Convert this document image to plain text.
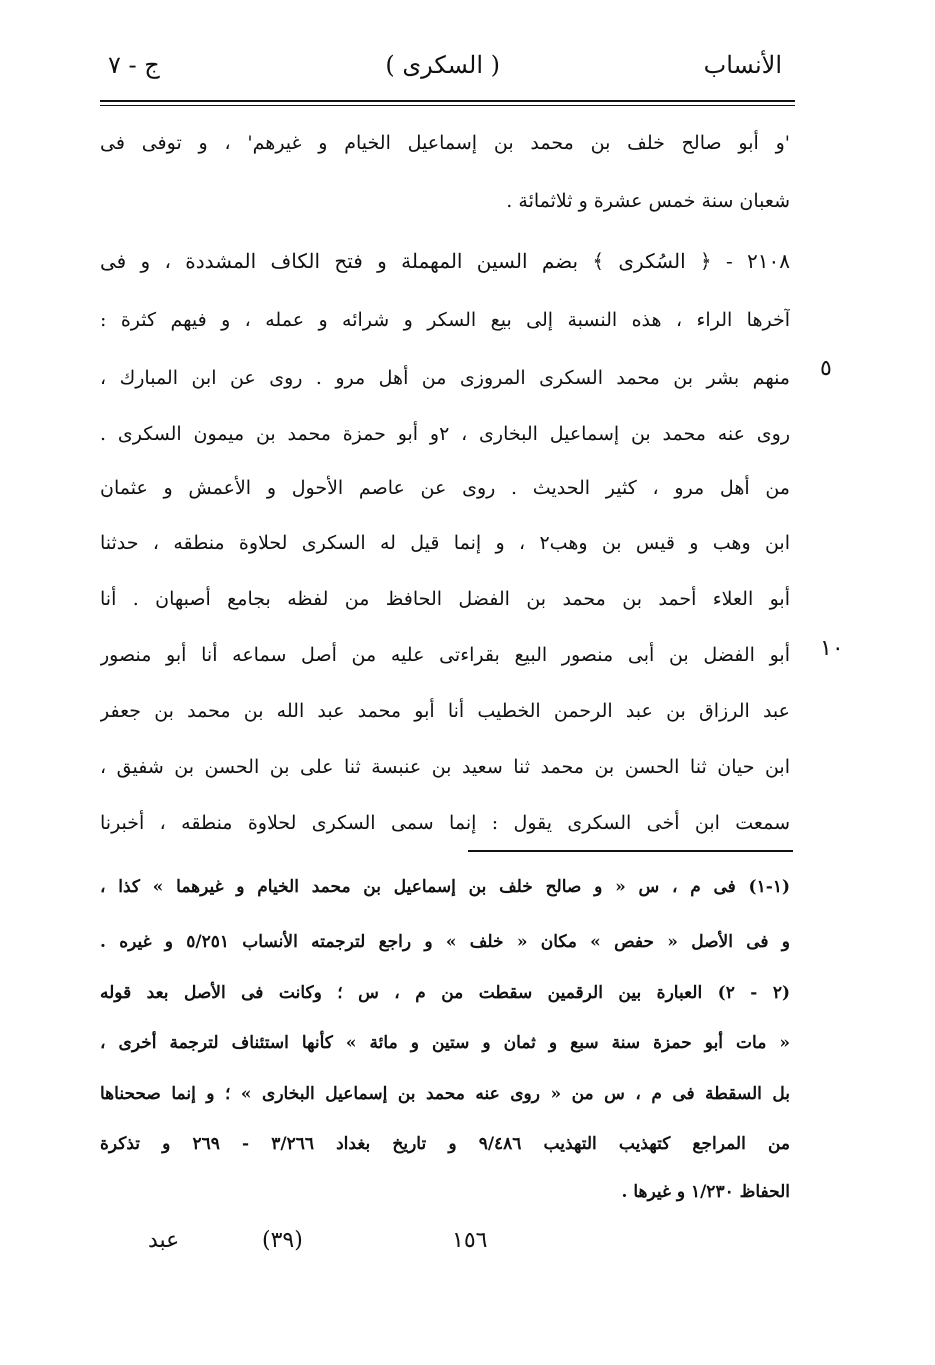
الأنساب
( السكرى )
ج - ٧
'و أبو صالح خلف بن محمد بن إسماعيل الخيام و غيرهم' ، و توفى فى
شعبان سنة خمس عشرة و ثلاثمائة .
٢١٠٨ - ﴿ السُكرى ﴾ بضم السين المهملة و فتح الكاف المشددة ، و فى
آخرها الراء ، هذه النسبة إلى بيع السكر و شرائه و عمله ، و فيهم كثرة :
منهم بشر بن محمد السكرى المروزى من أهل مرو . روى عن ابن المبارك ،
روى عنه محمد بن إسماعيل البخارى ، ٢و أبو حمزة محمد بن ميمون السكرى .
من أهل مرو ، كثير الحديث . روى عن عاصم الأحول و الأعمش و عثمان
ابن وهب و قيس بن وهب٢ ، و إنما قيل له السكرى لحلاوة منطقه ، حدثنا
أبو العلاء أحمد بن محمد بن الفضل الحافظ من لفظه بجامع أصبهان . أنا
أبو الفضل بن أبى منصور البيع بقراءتى عليه من أصل سماعه أنا أبو منصور
عبد الرزاق بن عبد الرحمن الخطيب أنا أبو محمد عبد الله بن محمد بن جعفر
ابن حيان ثنا الحسن بن محمد ثنا سعيد بن عنبسة ثنا على بن الحسن بن شفيق ،
سمعت ابن أخى السكرى يقول : إنما سمى السكرى لحلاوة منطقه ، أخبرنا
٥
١٠
(١-١) فى م ، س « و صالح خلف بن إسماعيل بن محمد الخيام و غيرهما » كذا ،
و فى الأصل « حفص » مكان « خلف » و راجع لترجمته الأنساب ٥/٢٥١ و غيره .
(٢ - ٢) العبارة بين الرقمين سقطت من م ، س ؛ وكانت فى الأصل بعد قوله
« مات أبو حمزة سنة سبع و ثمان و ستين و مائة » كأنها استئناف لترجمة أخرى ،
بل السقطة فى م ، س من « روى عنه محمد بن إسماعيل البخارى » ؛ و إنما صححناها
من المراجع كتهذيب التهذيب ٩/٤٨٦ و تاريخ بغداد ٣/٢٦٦ - ٢٦٩ و تذكرة
الحفاظ ١/٢٣٠ و غيرها .
١٥٦
(٣٩)
عبد
